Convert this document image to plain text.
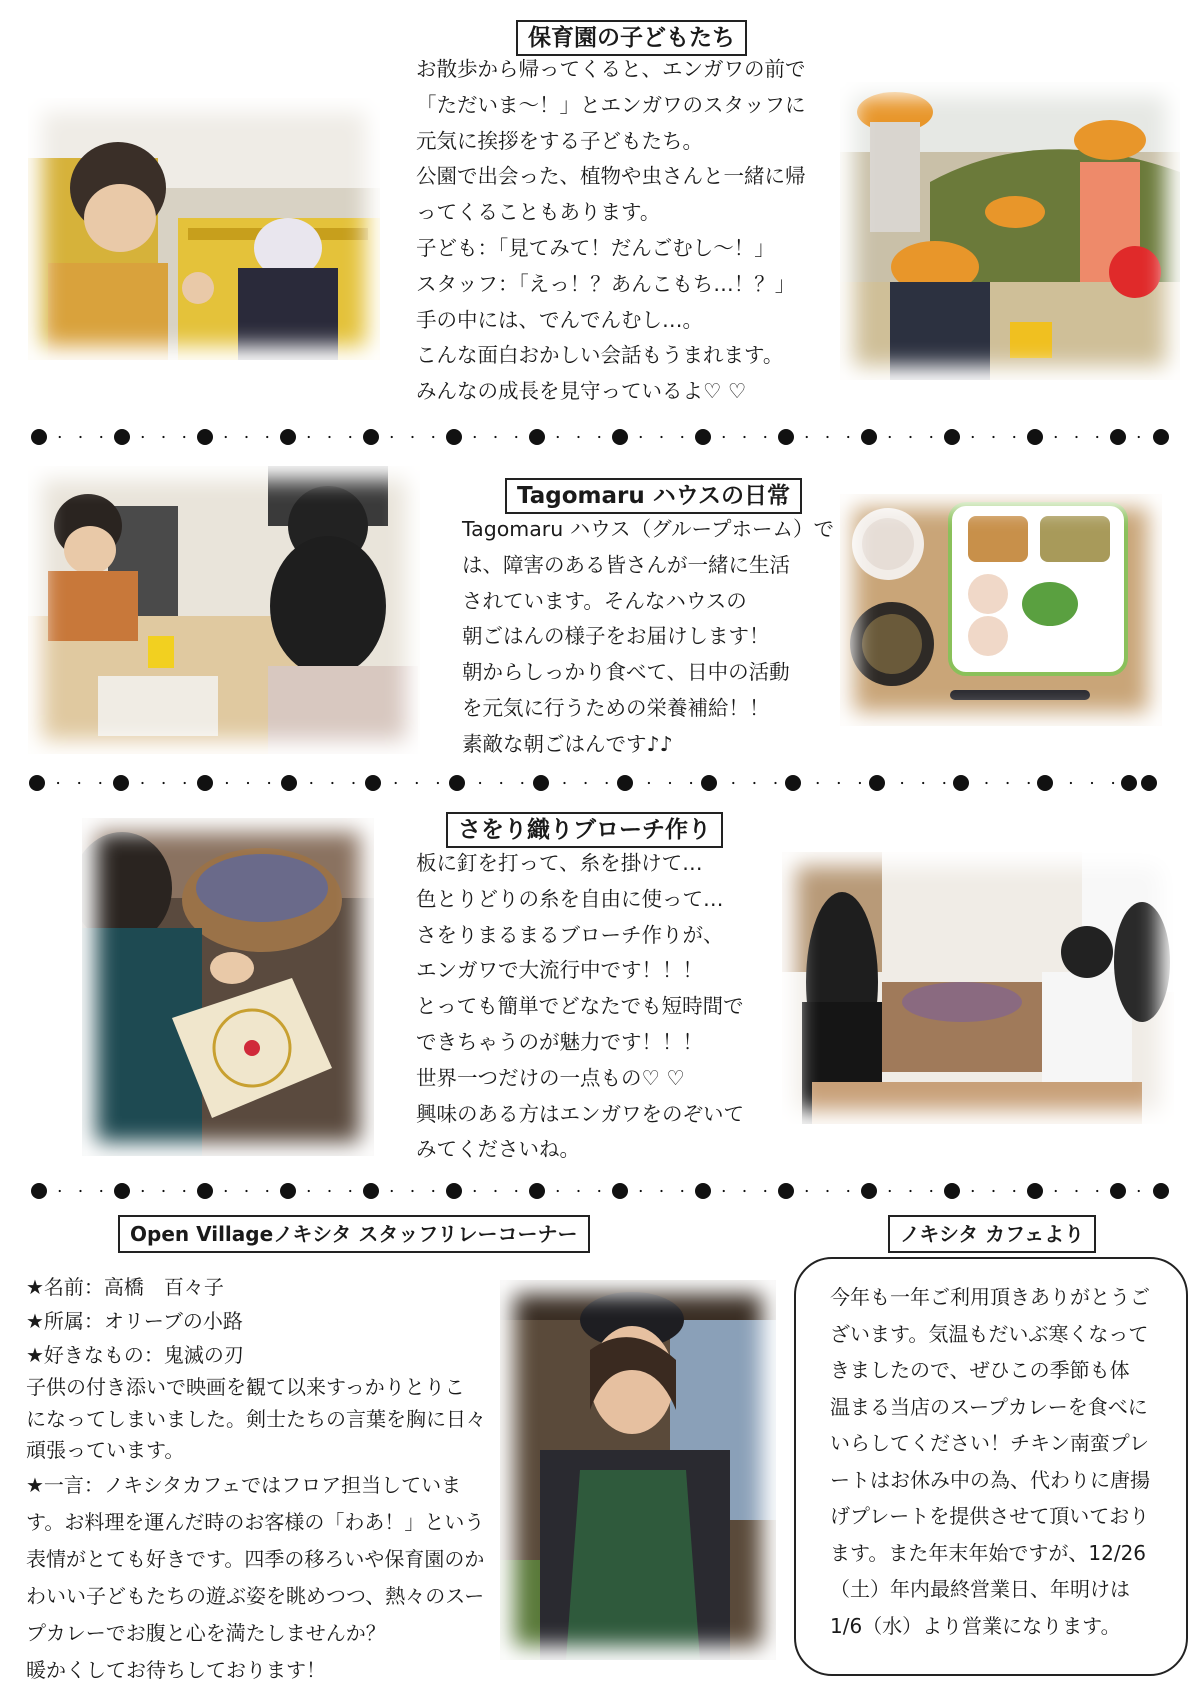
保育園の子どもたち
お散歩から帰ってくると、エンガワの前で
「ただいま～！」とエンガワのスタッフに
元気に挨拶をする子どもたち。
公園で出会った、植物や虫さんと一緒に帰
ってくることもあります。
子ども：「見てみて！だんごむし～！」
スタッフ：「えっ！？あんこもち…！？」
手の中には、でんでんむし…。
こんな面白おかしい会話もうまれます。
みんなの成長を見守っているよ♡ ♡
Tagomaru ハウスの日常
Tagomaru ハウス（グループホーム）で
は、障害のある皆さんが一緒に生活
されています。そんなハウスの
朝ごはんの様子をお届けします！
朝からしっかり食べて、日中の活動
を元気に行うための栄養補給！！
素敵な朝ごはんです♪♪
さをり織りブローチ作り
板に釘を打って、糸を掛けて…
色とりどりの糸を自由に使って…
さをりまるまるブローチ作りが、
エンガワで大流行中です！！！
とっても簡単でどなたでも短時間で
できちゃうのが魅力です！！！
世界一つだけの一点もの♡ ♡
興味のある方はエンガワをのぞいて
みてくださいね。
Open Villageノキシタ スタッフリレーコーナー
★名前：高橋　百々子
★所属：オリーブの小路
★好きなもの：鬼滅の刃
子供の付き添いで映画を観て以来すっかりとりこ
になってしまいました。剣士たちの言葉を胸に日々
頑張っています。
★一言：ノキシタカフェではフロア担当していま
す。お料理を運んだ時のお客様の「わあ！」という
表情がとても好きです。四季の移ろいや保育園のか
わいい子どもたちの遊ぶ姿を眺めつつ、熱々のスー
プカレーでお腹と心を満たしませんか？
暖かくしてお待ちしております！
ノキシタ カフェより
今年も一年ご利用頂きありがとうご
ざいます。気温もだいぶ寒くなって
きましたので、ぜひこの季節も体
温まる当店のスープカレーを食べに
いらしてください！チキン南蛮プレ
ートはお休み中の為、代わりに唐揚
げプレートを提供させて頂いており
ます。また年末年始ですが、12/26
（土）年内最終営業日、年明けは
1/6（水）より営業になります。
